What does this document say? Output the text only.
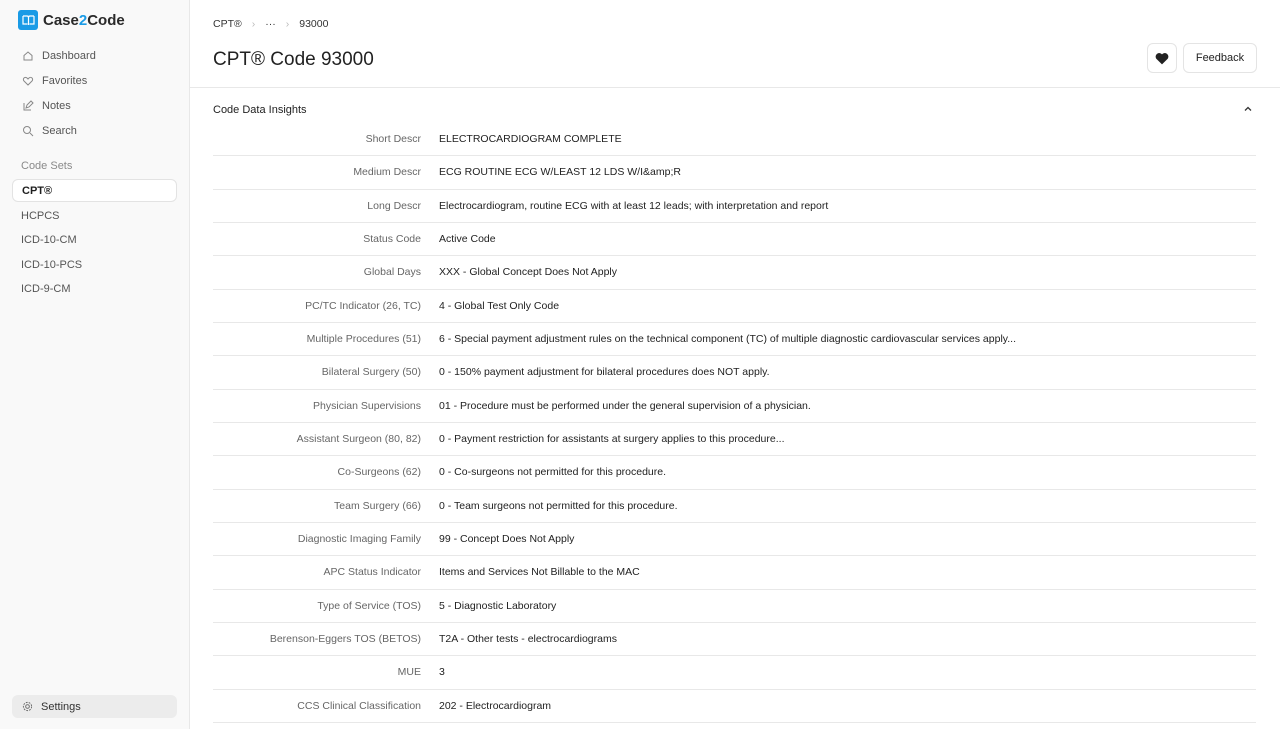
Case2Code
Dashboard
Favorites
Notes
Search
Code Sets
CPT®
HCPCS
ICD-10-CM
ICD-10-PCS
ICD-9-CM
Settings
CPT® › ··· › 93000
CPT® Code 93000	Feedback
Code Data Insights
Short Descr ELECTROCARDIOGRAM COMPLETE
Medium Descr ECG ROUTINE ECG W/LEAST 12 LDS W/I&amp;R
Long Descr Electrocardiogram, routine ECG with at least 12 leads; with interpretation and report
Status Code Active Code
Global Days XXX - Global Concept Does Not Apply
PC/TC Indicator (26, TC) 4 - Global Test Only Code
Multiple Procedures (51) 6 - Special payment adjustment rules on the technical component (TC) of multiple diagnostic cardiovascular services apply...
Bilateral Surgery (50) 0 - 150% payment adjustment for bilateral procedures does NOT apply.
Physician Supervisions 01 - Procedure must be performed under the general supervision of a physician.
Assistant Surgeon (80, 82) 0 - Payment restriction for assistants at surgery applies to this procedure...
Co-Surgeons (62) 0 - Co-surgeons not permitted for this procedure.
Team Surgery (66) 0 - Team surgeons not permitted for this procedure.
Diagnostic Imaging Family 99 - Concept Does Not Apply
APC Status Indicator Items and Services Not Billable to the MAC
Type of Service (TOS) 5 - Diagnostic Laboratory
Berenson-Eggers TOS (BETOS) T2A - Other tests - electrocardiograms
MUE 3
CCS Clinical Classification 202 - Electrocardiogram
